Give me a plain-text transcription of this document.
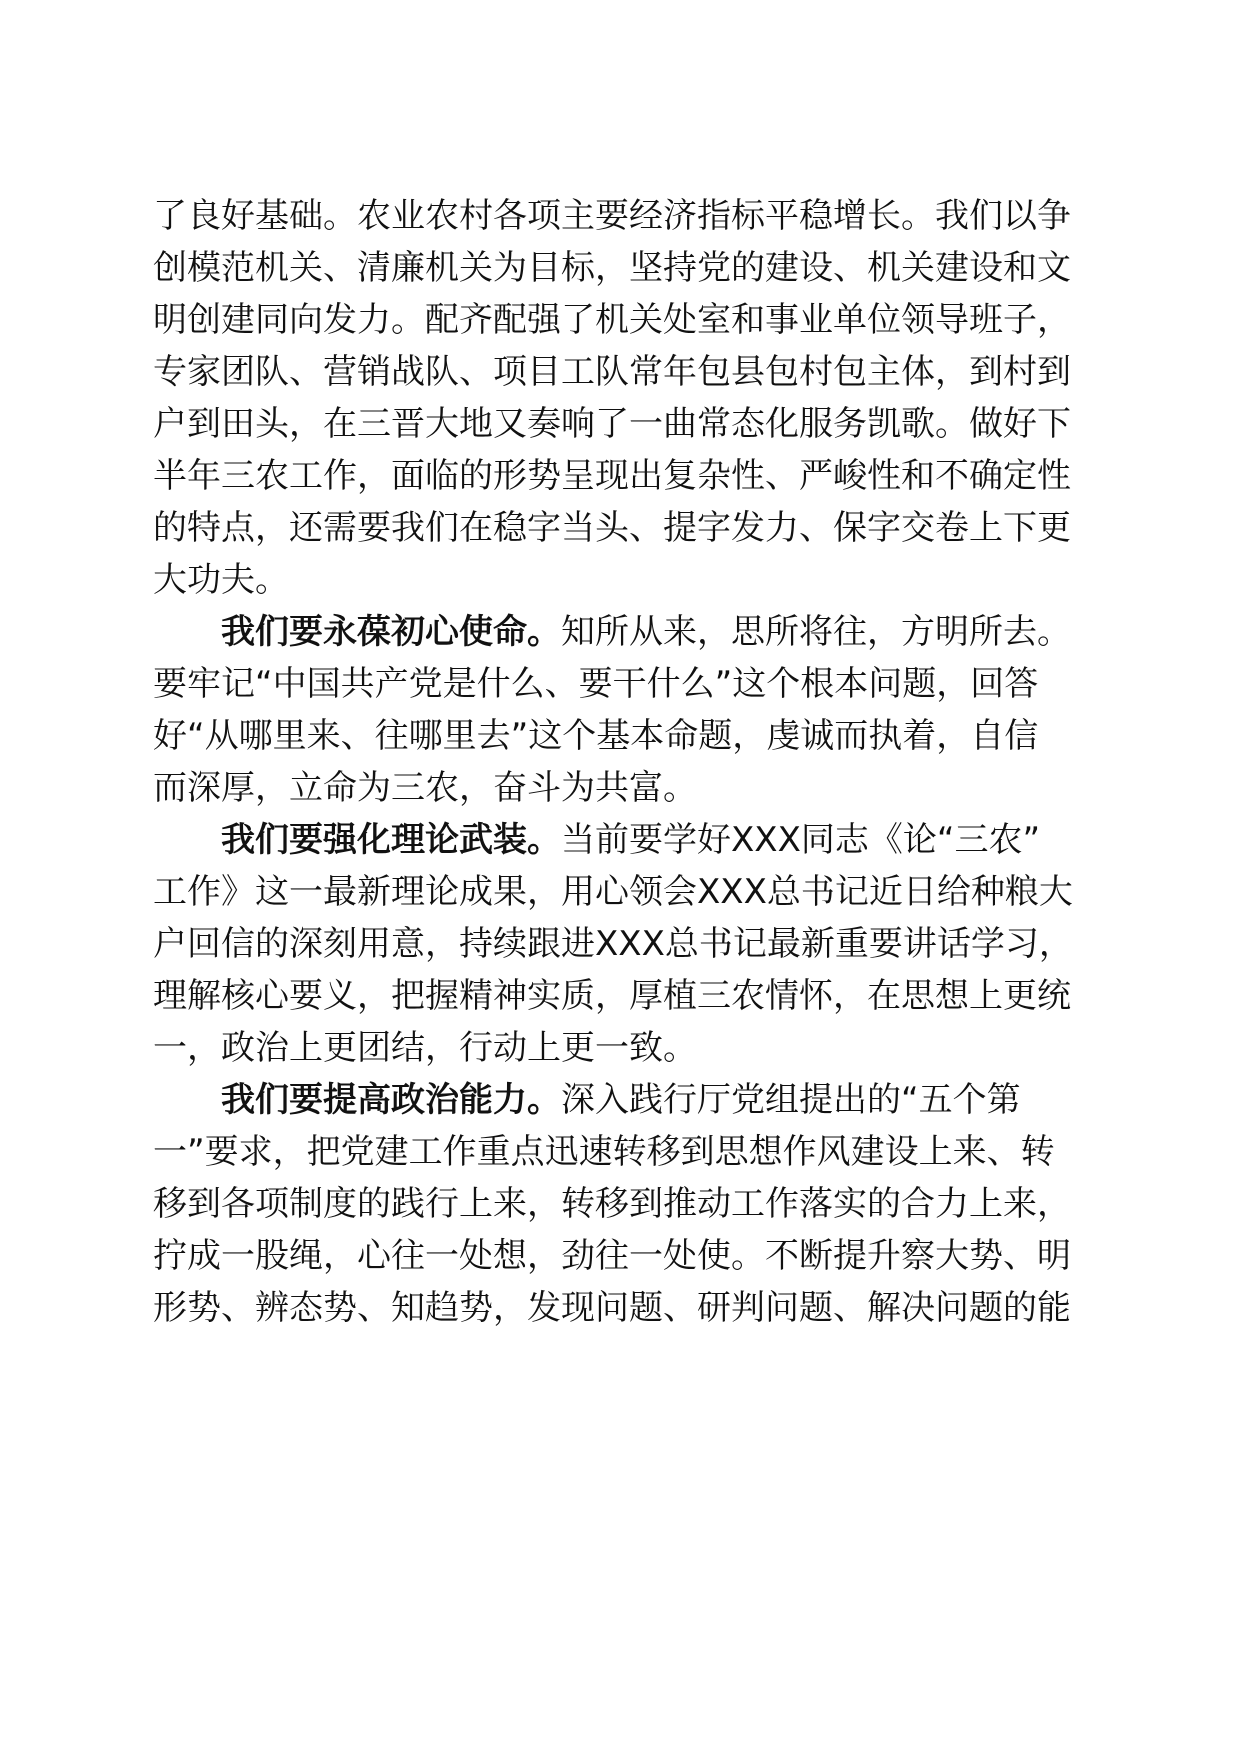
了良好基础。农业农村各项主要经济指标平稳增长。我们以争
创模范机关、清廉机关为目标，坚持党的建设、机关建设和文
明创建同向发力。配齐配强了机关处室和事业单位领导班子，
专家团队、营销战队、项目工队常年包县包村包主体，到村到
户到田头，在三晋大地又奏响了一曲常态化服务凯歌。做好下
半年三农工作，面临的形势呈现出复杂性、严峻性和不确定性
的特点，还需要我们在稳字当头、提字发力、保字交卷上下更
大功夫。
我们要永葆初心使命。知所从来，思所将往，方明所去。
要牢记“中国共产党是什么、要干什么”这个根本问题，回答
好“从哪里来、往哪里去”这个基本命题，虔诚而执着，自信
而深厚，立命为三农，奋斗为共富。
我们要强化理论武装。当前要学好XXX同志《论“三农”
工作》这一最新理论成果，用心领会XXX总书记近日给种粮大
户回信的深刻用意，持续跟进XXX总书记最新重要讲话学习，
理解核心要义，把握精神实质，厚植三农情怀，在思想上更统
一，政治上更团结，行动上更一致。
我们要提高政治能力。深入践行厅党组提出的“五个第
一”要求，把党建工作重点迅速转移到思想作风建设上来、转
移到各项制度的践行上来，转移到推动工作落实的合力上来，
拧成一股绳，心往一处想，劲往一处使。不断提升察大势、明
形势、辨态势、知趋势，发现问题、研判问题、解决问题的能
